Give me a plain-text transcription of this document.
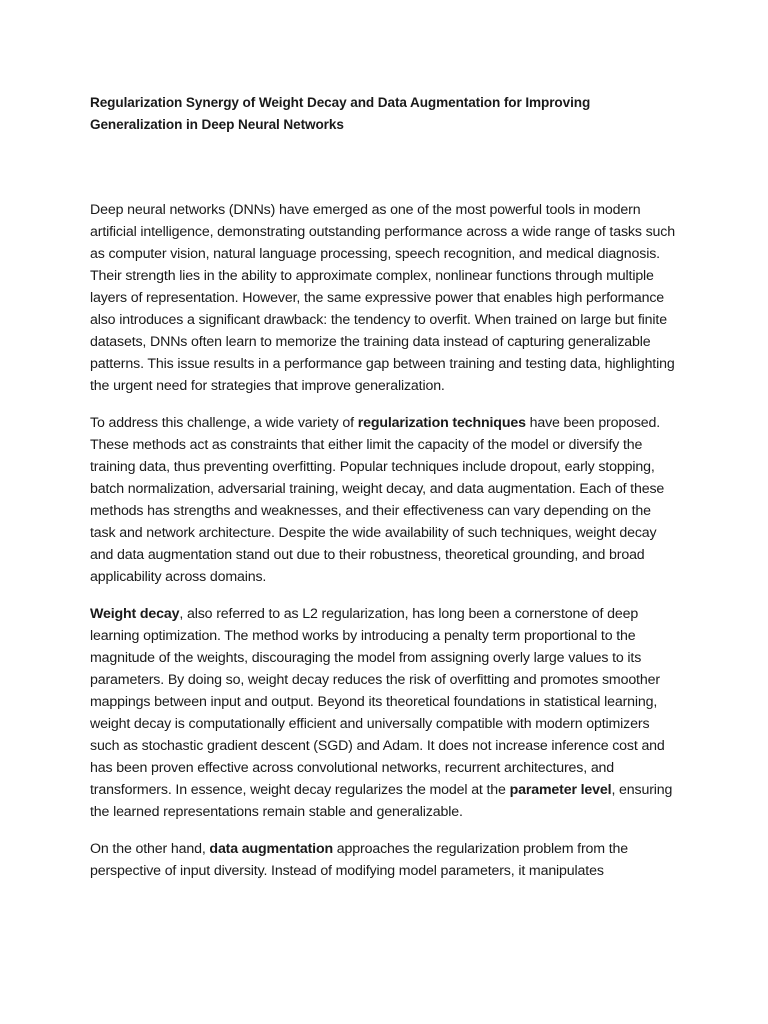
Regularization Synergy of Weight Decay and Data Augmentation for Improving Generalization in Deep Neural Networks

Deep neural networks (DNNs) have emerged as one of the most powerful tools in modern artificial intelligence, demonstrating outstanding performance across a wide range of tasks such as computer vision, natural language processing, speech recognition, and medical diagnosis. Their strength lies in the ability to approximate complex, nonlinear functions through multiple layers of representation. However, the same expressive power that enables high performance also introduces a significant drawback: the tendency to overfit. When trained on large but finite datasets, DNNs often learn to memorize the training data instead of capturing generalizable patterns. This issue results in a performance gap between training and testing data, highlighting the urgent need for strategies that improve generalization.

To address this challenge, a wide variety of regularization techniques have been proposed. These methods act as constraints that either limit the capacity of the model or diversify the training data, thus preventing overfitting. Popular techniques include dropout, early stopping, batch normalization, adversarial training, weight decay, and data augmentation. Each of these methods has strengths and weaknesses, and their effectiveness can vary depending on the task and network architecture. Despite the wide availability of such techniques, weight decay and data augmentation stand out due to their robustness, theoretical grounding, and broad applicability across domains.

Weight decay, also referred to as L2 regularization, has long been a cornerstone of deep learning optimization. The method works by introducing a penalty term proportional to the magnitude of the weights, discouraging the model from assigning overly large values to its parameters. By doing so, weight decay reduces the risk of overfitting and promotes smoother mappings between input and output. Beyond its theoretical foundations in statistical learning, weight decay is computationally efficient and universally compatible with modern optimizers such as stochastic gradient descent (SGD) and Adam. It does not increase inference cost and has been proven effective across convolutional networks, recurrent architectures, and transformers. In essence, weight decay regularizes the model at the parameter level, ensuring the learned representations remain stable and generalizable.

On the other hand, data augmentation approaches the regularization problem from the perspective of input diversity. Instead of modifying model parameters, it manipulates
